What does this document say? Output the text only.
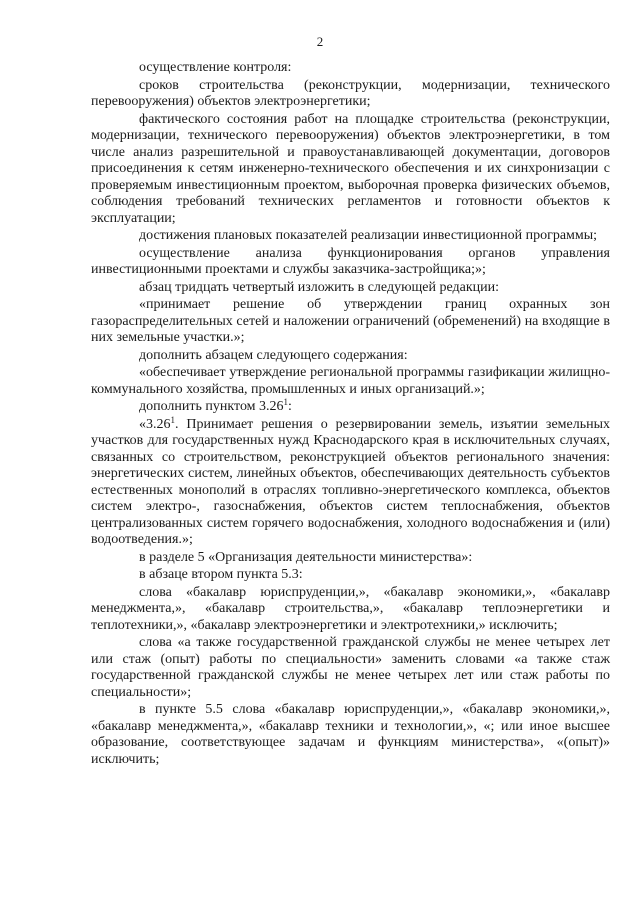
2

осуществление контроля:

сроков строительства (реконструкции, модернизации, технического перевооружения) объектов электроэнергетики;

фактического состояния работ на площадке строительства (реконструкции, модернизации, технического перевооружения) объектов электроэнергетики, в том числе анализ разрешительной и правоустанавливающей документации, договоров присоединения к сетям инженерно-технического обеспечения и их синхронизации с проверяемым инвестиционным проектом, выборочная проверка физических объемов, соблюдения требований технических регламентов и готовности объектов к эксплуатации;

достижения плановых показателей реализации инвестиционной программы;

осуществление анализа функционирования органов управления инвестиционными проектами и службы заказчика-застройщика;»;

абзац тридцать четвертый изложить в следующей редакции:

«принимает решение об утверждении границ охранных зон газораспределительных сетей и наложении ограничений (обременений) на входящие в них земельные участки.»;

дополнить абзацем следующего содержания:

«обеспечивает утверждение региональной программы газификации жилищно-коммунального хозяйства, промышленных и иных организаций.»;

дополнить пунктом 3.26$^1$:

«3.26$^1$. Принимает решения о резервировании земель, изъятии земельных участков для государственных нужд Краснодарского края в исключительных случаях, связанных со строительством, реконструкцией объектов регионального значения: энергетических систем, линейных объектов, обеспечивающих деятельность субъектов естественных монополий в отраслях топливно-энергетического комплекса, объектов систем электро-, газоснабжения, объектов систем теплоснабжения, объектов централизованных систем горячего водоснабжения, холодного водоснабжения и (или) водоотведения.»;

в разделе 5 «Организация деятельности министерства»:

в абзаце втором пункта 5.3:

слова «бакалавр юриспруденции,», «бакалавр экономики,», «бакалавр менеджмента,», «бакалавр строительства,», «бакалавр теплоэнергетики и теплотехники,», «бакалавр электроэнергетики и электротехники,» исключить;

слова «а также государственной гражданской службы не менее четырех лет или стаж (опыт) работы по специальности» заменить словами «а также стаж государственной гражданской службы не менее четырех лет или стаж работы по специальности»;

в пункте 5.5 слова «бакалавр юриспруденции,», «бакалавр экономики,», «бакалавр менеджмента,», «бакалавр техники и технологии,», «; или иное высшее образование, соответствующее задачам и функциям министерства», «(опыт)» исключить;
